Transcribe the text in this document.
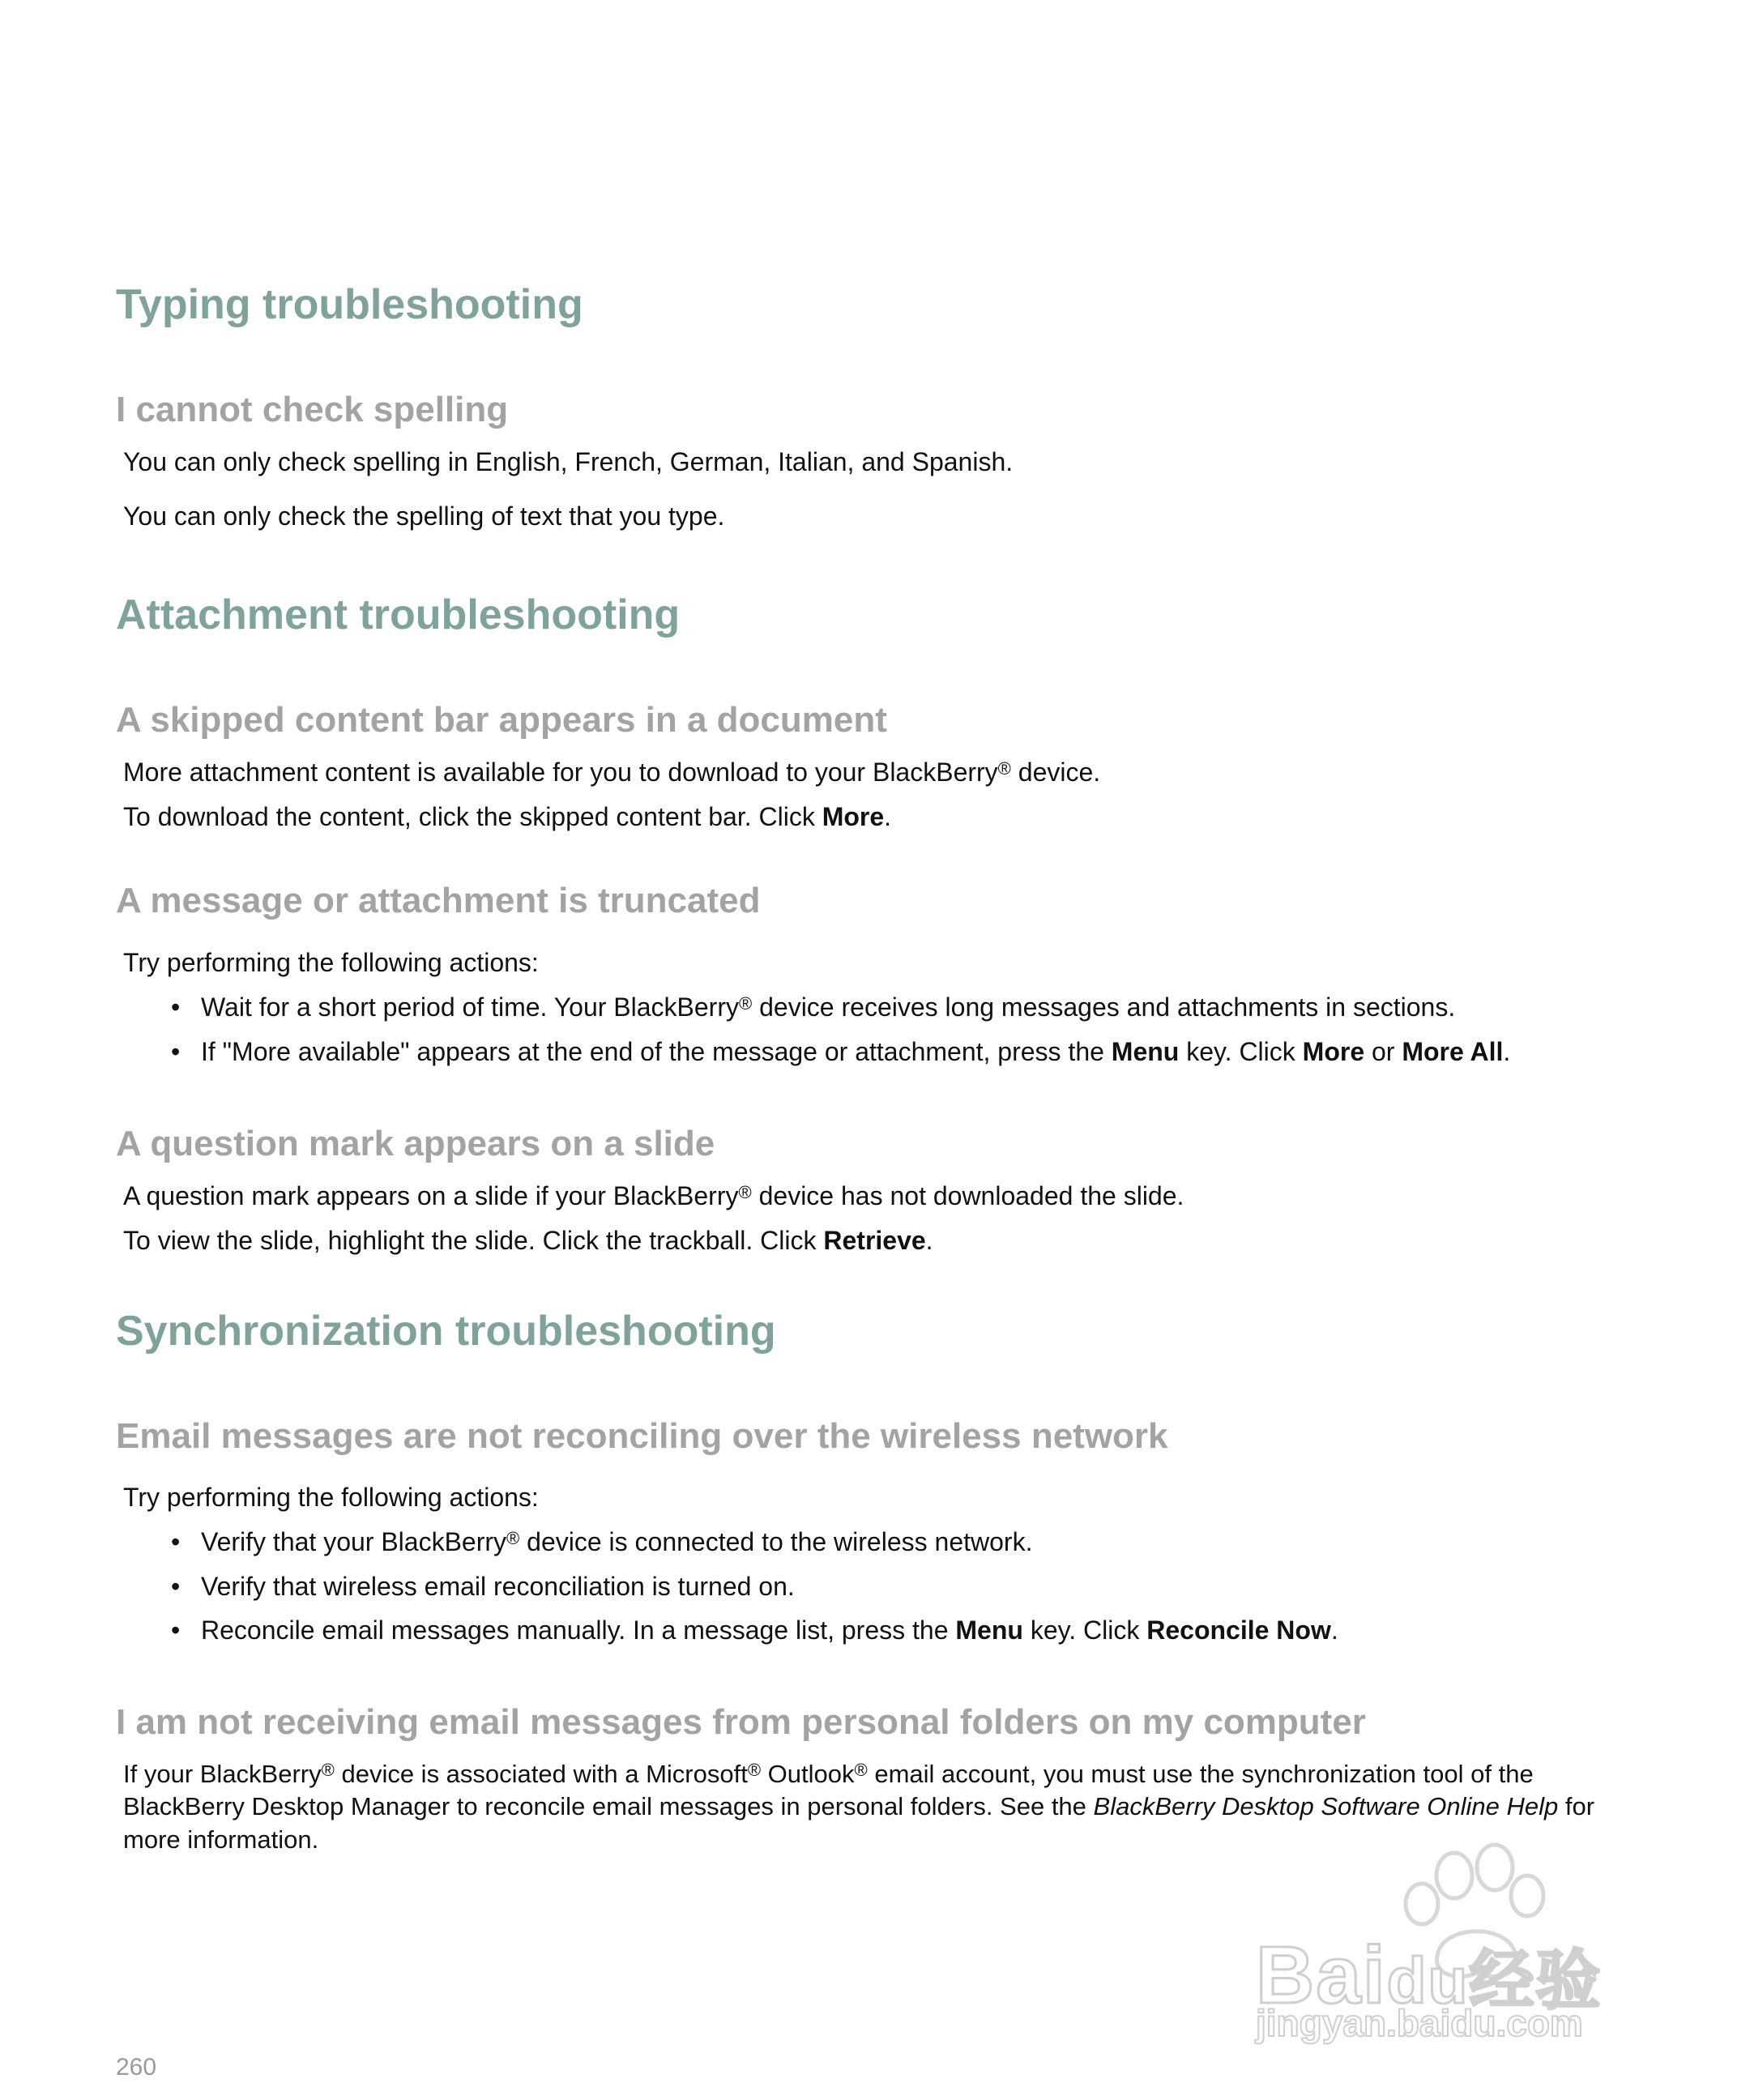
Typing troubleshooting
I cannot check spelling

You can only check spelling in English, French, German, Italian, and Spanish.

You can only check the spelling of text that you type.

Attachment troubleshooting
A skipped content bar appears in a document

More attachment content is available for you to download to your BlackBerry® device.

To download the content, click the skipped content bar. Click More.

A message or attachment is truncated

Try performing the following actions:

• Wait for a short period of time. Your BlackBerry® device receives long messages and attachments in sections.
• If "More available" appears at the end of the message or attachment, press the Menu key. Click More or More All.
A question mark appears on a slide

A question mark appears on a slide if your BlackBerry® device has not downloaded the slide.

To view the slide, highlight the slide. Click the trackball. Click Retrieve.

Synchronization troubleshooting
Email messages are not reconciling over the wireless network

Try performing the following actions:

• Verify that your BlackBerry® device is connected to the wireless network.
• Verify that wireless email reconciliation is turned on.
• Reconcile email messages manually. In a message list, press the Menu key. Click Reconcile Now.
I am not receiving email messages from personal folders on my computer

If your BlackBerry® device is associated with a Microsoft® Outlook® email account, you must use the synchronization tool of the BlackBerry Desktop Manager to reconcile email messages in personal folders. See the BlackBerry Desktop Software Online Help for more information.

Baidu经验
jingyan.baidu.com
260
